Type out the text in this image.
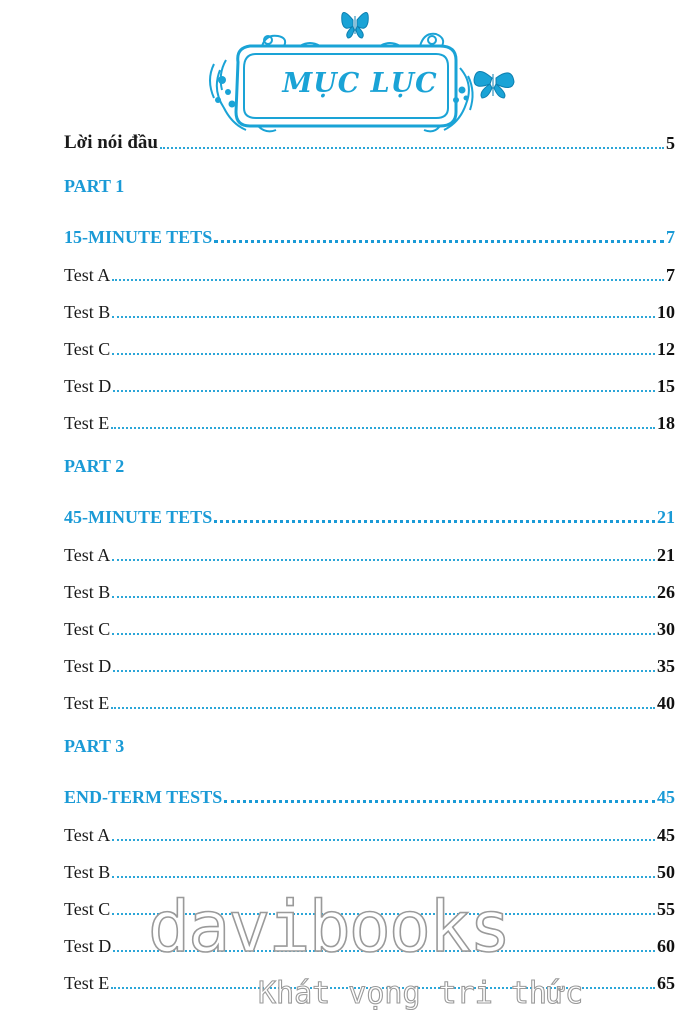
MỤC LỤC
Lời nói đầu	5
PART 1
15-MINUTE TETS	7
Test A	7
Test B	10
Test C	12
Test D	15
Test E	18
PART 2
45-MINUTE TETS	21
Test A	21
Test B	26
Test C	30
Test D	35
Test E	40
PART 3
END-TERM TESTS	45
Test A	45
Test B	50
Test C	55
Test D	60
Test E	65
davibooks
Khát vọng tri thức
